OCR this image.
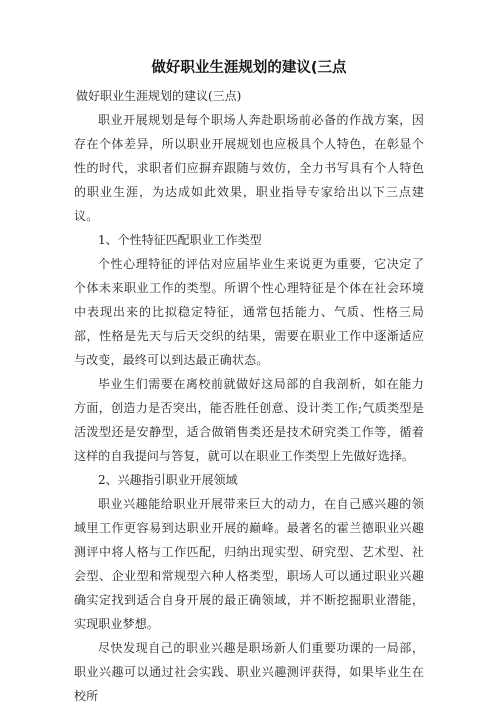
做好职业生涯规划的建议(三点

做好职业生涯规划的建议(三点)

职业开展规划是每个职场人奔赴职场前必备的作战方案，因存在个体差异，所以职业开展规划也应极具个人特色，在彰显个性的时代，求职者们应摒弃跟随与效仿，全力书写具有个人特色的职业生涯，为达成如此效果，职业指导专家给出以下三点建议。

1、个性特征匹配职业工作类型

个性心理特征的评估对应届毕业生来说更为重要，它决定了个体未来职业工作的类型。所谓个性心理特征是个体在社会环境中表现出来的比拟稳定特征，通常包括能力、气质、性格三局部，性格是先天与后天交织的结果，需要在职业工作中逐渐适应与改变，最终可以到达最正确状态。

毕业生们需要在离校前就做好这局部的自我剖析，如在能力方面，创造力是否突出，能否胜任创意、设计类工作;气质类型是活泼型还是安静型，适合做销售类还是技术研究类工作等，循着这样的自我提问与答复，就可以在职业工作类型上先做好选择。

2、兴趣指引职业开展领域

职业兴趣能给职业开展带来巨大的动力，在自己感兴趣的领域里工作更容易到达职业开展的巅峰。最著名的霍兰德职业兴趣测评中将人格与工作匹配，归纳出现实型、研究型、艺术型、社会型、企业型和常规型六种人格类型，职场人可以通过职业兴趣确实定找到适合自身开展的最正确领域，并不断挖掘职业潜能，实现职业梦想。

尽快发现自己的职业兴趣是职场新人们重要功课的一局部，职业兴趣可以通过社会实践、职业兴趣测评获得，如果毕业生在校所
